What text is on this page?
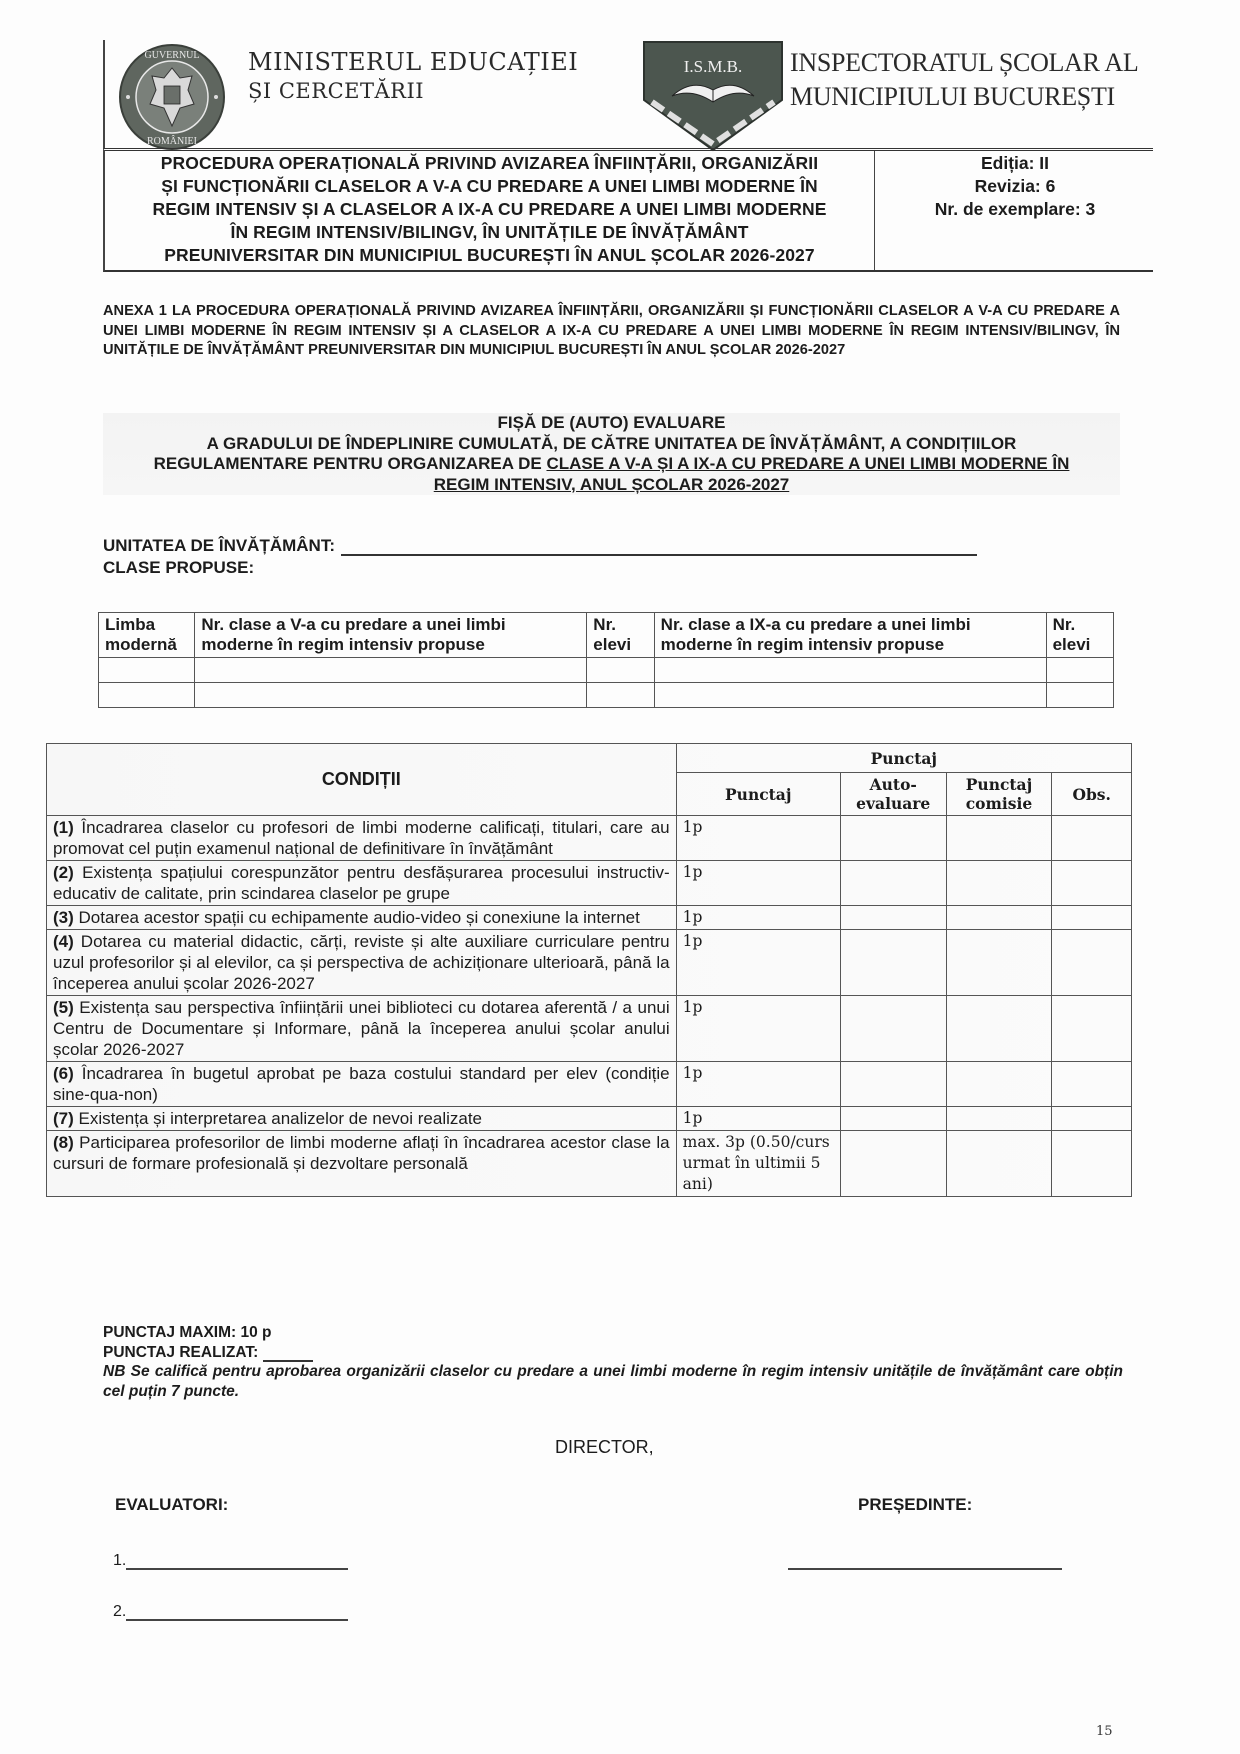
GUVERNUL
ROMÂNIEI
MINISTERUL EDUCAȚIEI
ȘI CERCETĂRII
I.S.M.B. INSPECTORATUL ȘCOLAR AL
MUNICIPIULUI BUCUREȘTI
PROCEDURA OPERAȚIONALĂ PRIVIND AVIZAREA ÎNFIINȚĂRII, ORGANIZĂRII
ȘI FUNCȚIONĂRII CLASELOR A V-A CU PREDARE A UNEI LIMBI MODERNE ÎN
REGIM INTENSIV ȘI A CLASELOR A IX-A CU PREDARE A UNEI LIMBI MODERNE
ÎN REGIM INTENSIV/BILINGV, ÎN UNITĂȚILE DE ÎNVĂȚĂMÂNT
PREUNIVERSITAR DIN MUNICIPIUL BUCUREȘTI ÎN ANUL ȘCOLAR 2026-2027
Ediția: II
Revizia: 6
Nr. de exemplare: 3
ANEXA 1 LA PROCEDURA OPERAȚIONALĂ PRIVIND AVIZAREA ÎNFIINȚĂRII, ORGANIZĂRII ȘI FUNCȚIONĂRII CLASELOR A V-A CU PREDARE A UNEI LIMBI MODERNE ÎN REGIM INTENSIV ȘI A CLASELOR A IX-A CU PREDARE A UNEI LIMBI MODERNE ÎN REGIM INTENSIV/BILINGV, ÎN UNITĂȚILE DE ÎNVĂȚĂMÂNT PREUNIVERSITAR DIN MUNICIPIUL BUCUREȘTI ÎN ANUL ȘCOLAR 2026-2027
FIȘĂ DE (AUTO) EVALUARE
A GRADULUI DE ÎNDEPLINIRE CUMULATĂ, DE CĂTRE UNITATEA DE ÎNVĂȚĂMÂNT, A CONDIȚIILOR
REGULAMENTARE PENTRU ORGANIZAREA DE CLASE A V-A ȘI A IX-A CU PREDARE A UNEI LIMBI MODERNE ÎN
REGIM INTENSIV, ANUL ȘCOLAR 2026-2027
UNITATEA DE ÎNVĂȚĂMÂNT:
CLASE PROPUSE:
Limba modernă	Nr. clase a V-a cu predare a unei limbi moderne în regim intensiv propuse	Nr. elevi	Nr. clase a IX-a cu predare a unei limbi moderne în regim intensiv propuse	Nr. elevi

CONDIȚII	Punctaj			
	Punctaj	Auto-evaluare	Punctaj comisie	Obs.
(1) Încadrarea claselor cu profesori de limbi moderne calificați, titulari, care au promovat cel puțin examenul național de definitivare în învățământ	1p			
(2) Existența spațiului corespunzător pentru desfășurarea procesului instructiv-educativ de calitate, prin scindarea claselor pe grupe	1p			
(3) Dotarea acestor spații cu echipamente audio-video și conexiune la internet	1p			
(4) Dotarea cu material didactic, cărți, reviste și alte auxiliare curriculare pentru uzul profesorilor și al elevilor, ca și perspectiva de achiziționare ulterioară, până la începerea anului școlar 2026-2027	1p			
(5) Existența sau perspectiva înființării unei biblioteci cu dotarea aferentă / a unui Centru de Documentare și Informare, până la începerea anului școlar anului școlar 2026-2027	1p			
(6) Încadrarea în bugetul aprobat pe baza costului standard per elev (condiție sine-qua-non)	1p			
(7) Existența și interpretarea analizelor de nevoi realizate	1p			
(8) Participarea profesorilor de limbi moderne aflați în încadrarea acestor clase la cursuri de formare profesională și dezvoltare personală	max. 3p (0.50/curs urmat în ultimii 5 ani)			
PUNCTAJ MAXIM: 10 p
PUNCTAJ REALIZAT:
NB Se califică pentru aprobarea organizării claselor cu predare a unei limbi moderne în regim intensiv unitățile de învățământ care obțin cel puțin 7 puncte.
DIRECTOR,
EVALUATORI:	PREȘEDINTE:
1.
2.
15
